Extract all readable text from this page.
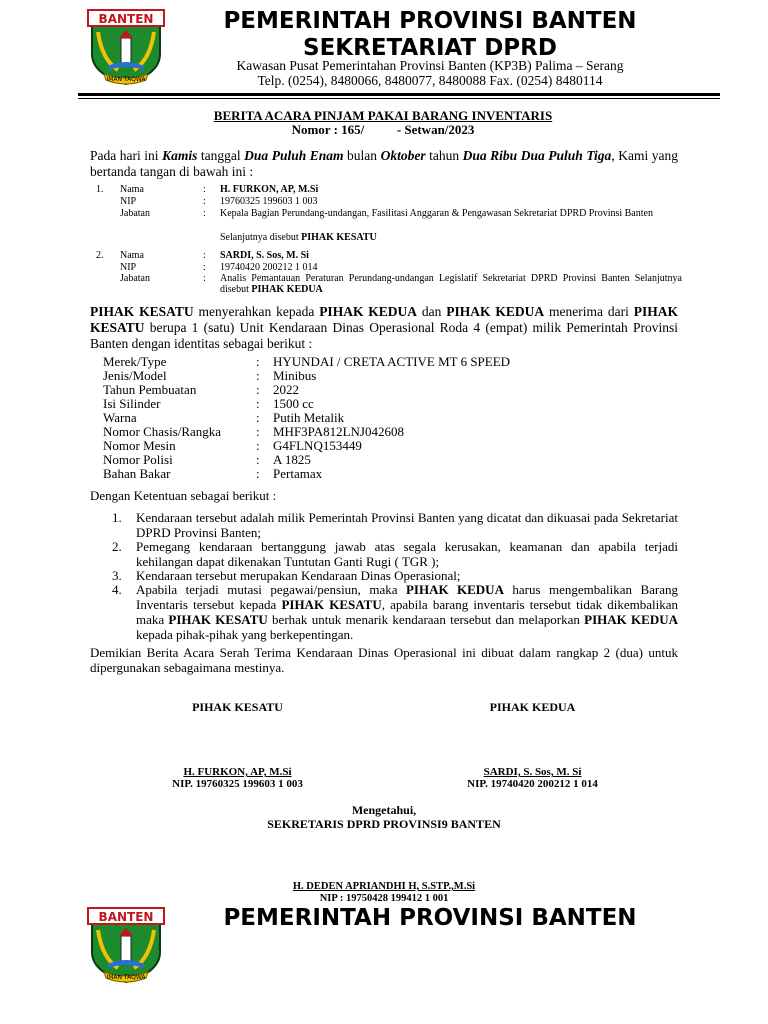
BANTEN
IMAN TAQWA
PEMERINTAH PROVINSI BANTEN
SEKRETARIAT DPRD
Kawasan Pusat Pemerintahan Provinsi Banten (KP3B) Palima – Serang
Telp. (0254), 8480066, 8480077, 8480088 Fax. (0254) 8480114
BERITA ACARA PINJAM PAKAI BARANG INVENTARIS
Nomor : 165/          - Setwan/2023
Pada hari ini Kamis tanggal Dua Puluh Enam bulan Oktober tahun Dua Ribu Dua Puluh Tiga, Kami yang bertanda tangan di bawah ini :
1. Nama	: H. FURKON, AP, M.Si
NIP	: 19760325 199603 1 003
Jabatan	: Kepala Bagian Perundang-undangan, Fasilitasi Anggaran & Pengawasan Sekretariat DPRD Provinsi Banten
Selanjutnya disebut PIHAK KESATU
2. Nama	: SARDI, S. Sos, M. Si
NIP	: 19740420 200212 1 014
Jabatan	: Analis Pemantauan Peraturan Perundang-undangan Legislatif Sekretariat DPRD Provinsi Banten Selanjutnya disebut PIHAK KEDUA
PIHAK KESATU menyerahkan kepada PIHAK KEDUA dan PIHAK KEDUA menerima dari PIHAK KESATU berupa 1 (satu) Unit Kendaraan Dinas Operasional Roda 4 (empat) milik Pemerintah Provinsi Banten dengan identitas sebagai berikut :
Merek/Type	: HYUNDAI / CRETA ACTIVE MT 6 SPEED
Jenis/Model	: Minibus
Tahun Pembuatan	: 2022
Isi Silinder	: 1500 cc
Warna	: Putih Metalik
Nomor Chasis/Rangka	: MHF3PA812LNJ042608
Nomor Mesin	: G4FLNQ153449
Nomor Polisi	: A 1825
Bahan Bakar	: Pertamax
Dengan Ketentuan sebagai berikut :
1. Kendaraan tersebut adalah milik Pemerintah Provinsi Banten yang dicatat dan dikuasai pada Sekretariat DPRD Provinsi Banten;
2. Pemegang kendaraan bertanggung jawab atas segala kerusakan, keamanan dan apabila terjadi kehilangan dapat dikenakan Tuntutan Ganti Rugi ( TGR );
3. Kendaraan tersebut merupakan Kendaraan Dinas Operasional;
4. Apabila terjadi mutasi pegawai/pensiun, maka PIHAK KEDUA harus mengembalikan Barang Inventaris tersebut kepada PIHAK KESATU, apabila barang inventaris tersebut tidak dikembalikan maka PIHAK KESATU berhak untuk menarik kendaraan tersebut dan melaporkan PIHAK KEDUA kepada pihak-pihak yang berkepentingan.
Demikian Berita Acara Serah Terima Kendaraan Dinas Operasional ini dibuat dalam rangkap 2 (dua) untuk dipergunakan sebagaimana mestinya.
PIHAK KESATU	PIHAK KEDUA
H. FURKON, AP, M.Si
NIP. 19760325 199603 1 003
SARDI, S. Sos, M. Si
NIP. 19740420 200212 1 014
Mengetahui,
SEKRETARIS DPRD PROVINSI9 BANTEN
H. DEDEN APRIANDHI H, S.STP.,M.Si
NIP : 19750428 199412 1 001
BANTEN
IMAN TAQWA
PEMERINTAH PROVINSI BANTEN
